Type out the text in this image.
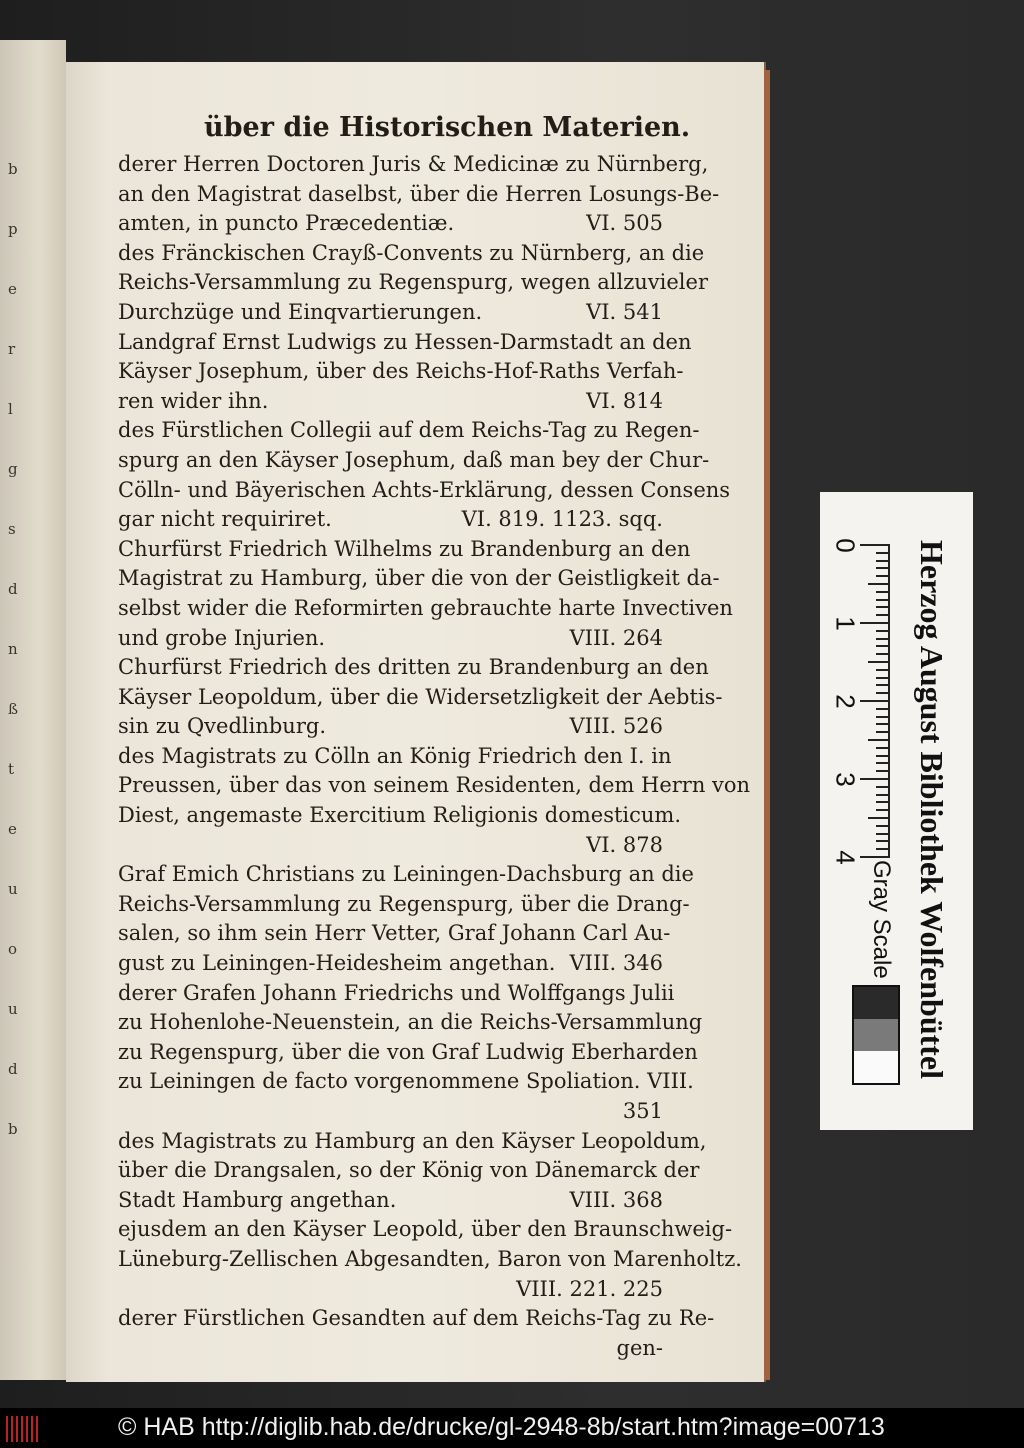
b
p
e
r
l
g
s
d
n
ß
t
e
u
o
u
d
b
über die Historischen Materien.
derer Herren Doctoren Juris & Medicinæ zu Nürnberg,
an den Magistrat daselbst, über die Herren Losungs-Be-
amten, in puncto Præcedentiæ.	VI. 505
des Fränckischen Crayß-Convents zu Nürnberg, an die
Reichs-Versammlung zu Regenspurg, wegen allzuvieler
Durchzüge und Einqvartierungen.	VI. 541
Landgraf Ernst Ludwigs zu Hessen-Darmstadt an den
Käyser Josephum, über des Reichs-Hof-Raths Verfah-
ren wider ihn.	VI. 814
des Fürstlichen Collegii auf dem Reichs-Tag zu Regen-
spurg an den Käyser Josephum, daß man bey der Chur-
Cölln- und Bäyerischen Achts-Erklärung, dessen Consens
gar nicht requiriret.	VI. 819. 1123. sqq.
Churfürst Friedrich Wilhelms zu Brandenburg an den
Magistrat zu Hamburg, über die von der Geistligkeit da-
selbst wider die Reformirten gebrauchte harte Invectiven
und grobe Injurien.	VIII. 264
Churfürst Friedrich des dritten zu Brandenburg an den
Käyser Leopoldum, über die Widersetzligkeit der Aebtis-
sin zu Qvedlinburg.	VIII. 526
des Magistrats zu Cölln an König Friedrich den I. in
Preussen, über das von seinem Residenten, dem Herrn von
Diest, angemaste Exercitium Religionis domesticum.
VI. 878
Graf Emich Christians zu Leiningen-Dachsburg an die
Reichs-Versammlung zu Regenspurg, über die Drang-
salen, so ihm sein Herr Vetter, Graf Johann Carl Au-
gust zu Leiningen-Heidesheim angethan. VIII. 346
derer Grafen Johann Friedrichs und Wolffgangs Julii
zu Hohenlohe-Neuenstein, an die Reichs-Versammlung
zu Regenspurg, über die von Graf Ludwig Eberharden
zu Leiningen de facto vorgenommene Spoliation. VIII.
351
des Magistrats zu Hamburg an den Käyser Leopoldum,
über die Drangsalen, so der König von Dänemarck der
Stadt Hamburg angethan.	VIII. 368
ejusdem an den Käyser Leopold, über den Braunschweig-
Lüneburg-Zellischen Abgesandten, Baron von Marenholtz.
VIII. 221. 225
derer Fürstlichen Gesandten auf dem Reichs-Tag zu Re-
gen-
Herzog August Bibliothek Wolfenbüttel
Gray Scale
0
1
2
3
4
© HAB http://diglib.hab.de/drucke/gl-2948-8b/start.htm?image=00713
